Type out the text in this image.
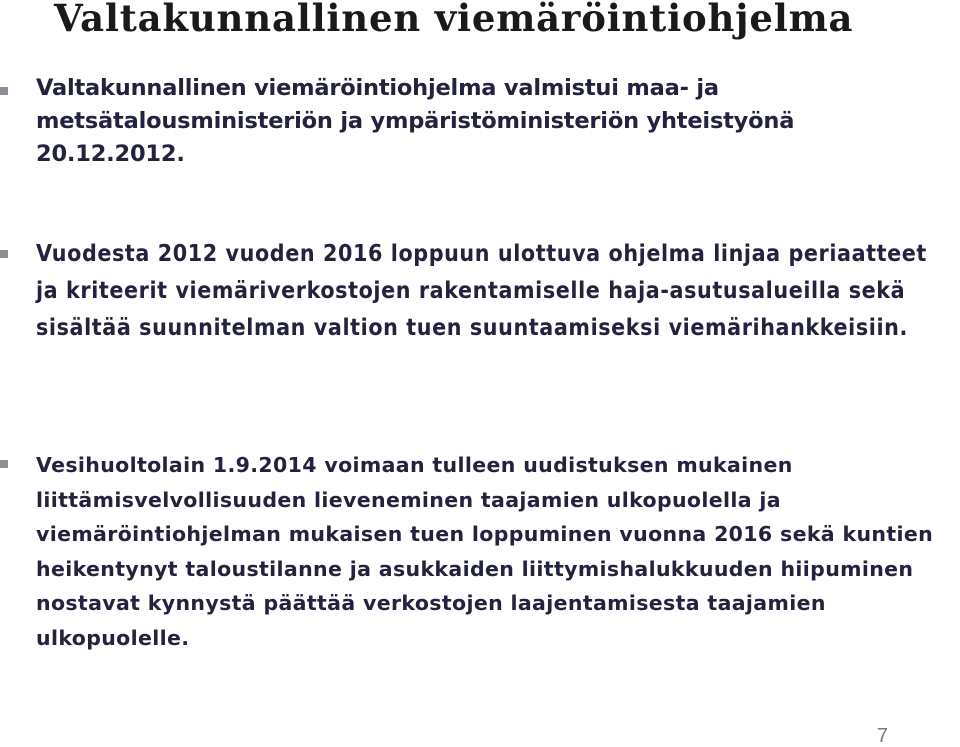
Valtakunnallinen viemäröintiohjelma

Valtakunnallinen viemäröintiohjelma valmistui maa- ja metsätalousministeriön ja ympäristöministeriön yhteistyönä 20.12.2012.

Vuodesta 2012 vuoden 2016 loppuun ulottuva ohjelma linjaa periaatteet ja kriteerit viemäriverkostojen rakentamiselle haja-asutusalueilla sekä sisältää suunnitelman valtion tuen suuntaamiseksi viemärihankkeisiin.

Vesihuoltolain 1.9.2014 voimaan tulleen uudistuksen mukainen liittämisvelvollisuuden lieveneminen taajamien ulkopuolella ja viemäröintiohjelman mukaisen tuen loppuminen vuonna 2016 sekä kuntien heikentynyt taloustilanne ja asukkaiden liittymishalukkuuden hiipuminen nostavat kynnystä päättää verkostojen laajentamisesta taajamien ulkopuolelle.

7
